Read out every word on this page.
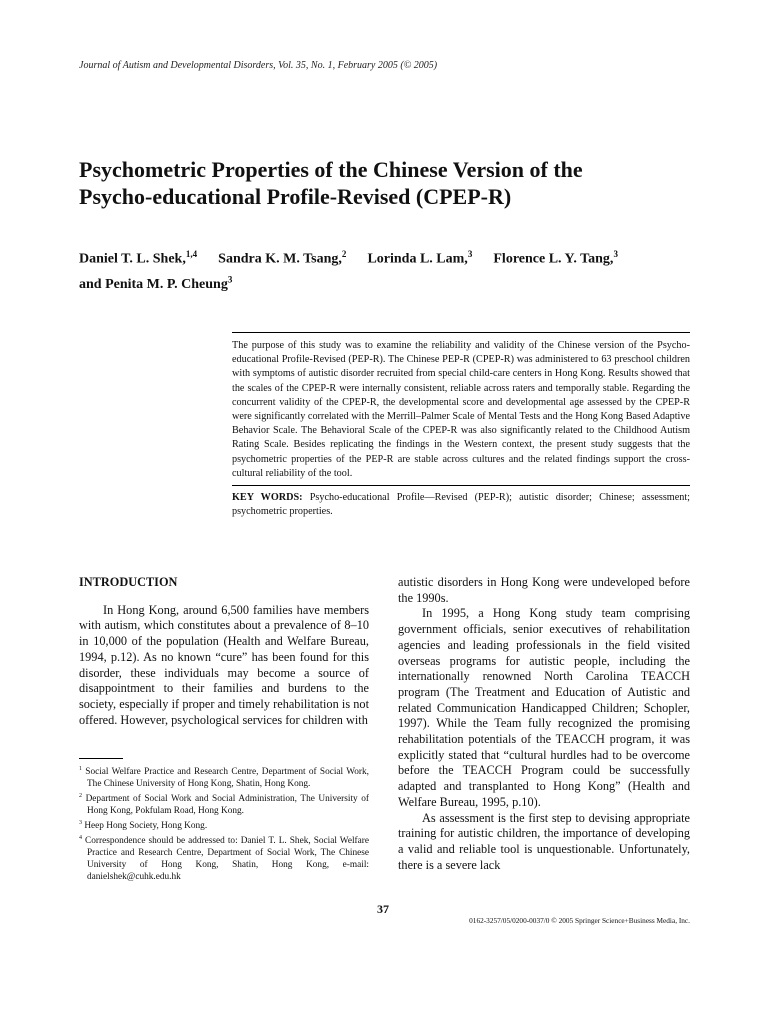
Journal of Autism and Developmental Disorders, Vol. 35, No. 1, February 2005 (© 2005)
Psychometric Properties of the Chinese Version of the
Psycho-educational Profile-Revised (CPEP-R)
Daniel T. L. Shek,$^{1,4}$ Sandra K. M. Tsang,$^2$ Lorinda L. Lam,$^3$ Florence L. Y. Tang,$^3$
and Penita M. P. Cheung$^3$
The purpose of this study was to examine the reliability and validity of the Chinese version of the Psycho-educational Profile-Revised (PEP-R). The Chinese PEP-R (CPEP-R) was administered to 63 preschool children with symptoms of autistic disorder recruited from special child-care centers in Hong Kong. Results showed that the scales of the CPEP-R were internally consistent, reliable across raters and temporally stable. Regarding the concurrent validity of the CPEP-R, the developmental score and developmental age assessed by the CPEP-R were significantly correlated with the Merrill–Palmer Scale of Mental Tests and the Hong Kong Based Adaptive Behavior Scale. The Behavioral Scale of the CPEP-R was also significantly related to the Childhood Autism Rating Scale. Besides replicating the findings in the Western context, the present study suggests that the psychometric properties of the PEP-R are stable across cultures and the related findings support the cross-cultural reliability of the tool.
KEY WORDS: Psycho-educational Profile—Revised (PEP-R); autistic disorder; Chinese; assessment; psychometric properties.
INTRODUCTION

In Hong Kong, around 6,500 families have members with autism, which constitutes about a prevalence of 8–10 in 10,000 of the population (Health and Welfare Bureau, 1994, p.12). As no known “cure” has been found for this disorder, these individuals may become a source of disappointment to their families and burdens to the society, especially if proper and timely rehabilitation is not offered. However, psychological services for children with

$^1$ Social Welfare Practice and Research Centre, Department of Social Work, The Chinese University of Hong Kong, Shatin, Hong Kong.
$^2$ Department of Social Work and Social Administration, The University of Hong Kong, Pokfulam Road, Hong Kong.
$^3$ Heep Hong Society, Hong Kong.
$^4$ Correspondence should be addressed to: Daniel T. L. Shek, Social Welfare Practice and Research Centre, Department of Social Work, The Chinese University of Hong Kong, Shatin, Hong Kong, e-mail: danielshek@cuhk.edu.hk

autistic disorders in Hong Kong were undeveloped before the 1990s.

In 1995, a Hong Kong study team comprising government officials, senior executives of rehabilitation agencies and leading professionals in the field visited overseas programs for autistic people, including the internationally renowned North Carolina TEACCH program (The Treatment and Education of Autistic and related Communication Handicapped Children; Schopler, 1997). While the Team fully recognized the promising rehabilitation potentials of the TEACCH program, it was explicitly stated that “cultural hurdles had to be overcome before the TEACCH Program could be successfully adapted and transplanted to Hong Kong” (Health and Welfare Bureau, 1995, p.10).

As assessment is the first step to devising appropriate training for autistic children, the importance of developing a valid and reliable tool is unquestionable. Unfortunately, there is a severe lack

37
0162-3257/05/0200-0037/0 © 2005 Springer Science+Business Media, Inc.
